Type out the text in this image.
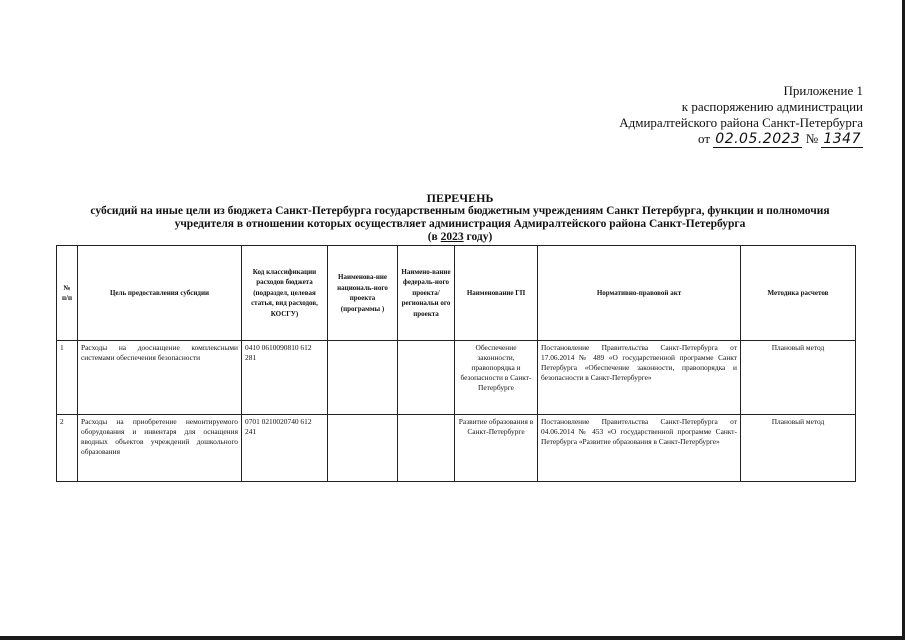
Приложение 1
к распоряжению администрации
Адмиралтейского района Санкт-Петербурга
от 02.05.2023 № 1347
ПЕРЕЧЕНЬ
субсидий на иные цели из бюджета Санкт-Петербурга государственным бюджетным учреждениям Санкт Петербурга, функции и полномочия
учредителя в отношении которых осуществляет администрация Адмиралтейского района Санкт-Петербурга
(в 2023 году)
№ п/п	Цель предоставления субсидии	Код классификации расходов бюджета (подраздел, целевая статья, вид расходов, КОСГУ)	Наименова-ние националь-ного проекта (программы )	Наимено-вание федераль-ного проекта/ региональн ого проекта	Наименование ГП	Нормативно-правовой акт	Методика расчетов
1	Расходы на дооснащение комплексными системами обеспечения безопасности	0410 0610090810 612 281			Обеспечение законности, правопорядка и безопасности в Санкт-Петербурге	Постановление Правительства Санкт-Петербурга от 17.06.2014 № 489 «О государственной программе Санкт Петербурга «Обеспечение законности, правопорядка и безопасности в Санкт-Петербурге»	Плановый метод
2	Расходы на приобретение немонтируемого оборудования и инвентаря для оснащения вводных объектов учреждений дошкольного образования	0701 0210020740 612 241			Развитие образования в Санкт-Петербурге	Постановление Правительства Санкт-Петербурга от 04.06.2014 № 453 «О государственной программе Санкт-Петербурга «Развитие образования в Санкт-Петербурге»	Плановый метод
